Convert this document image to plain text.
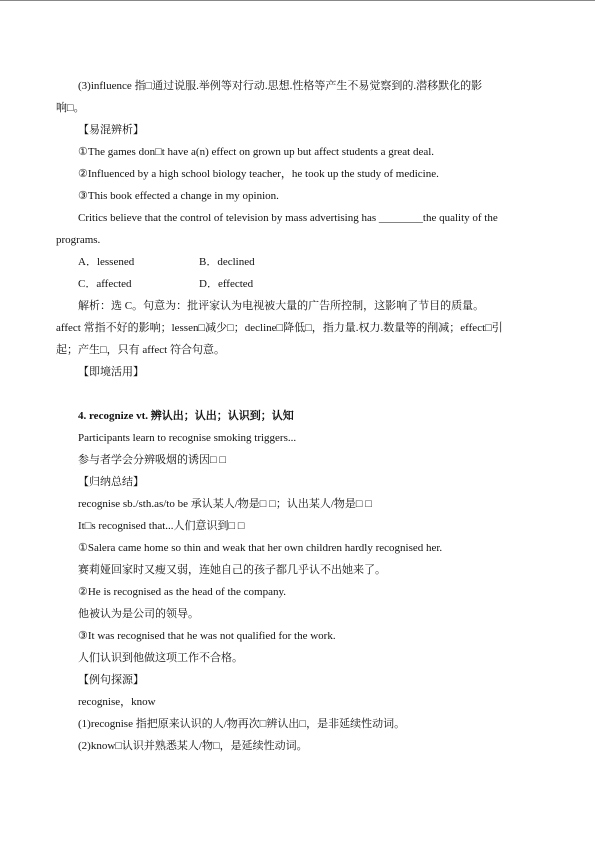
(3)influence 指□通过说服.举例等对行动.思想.性格等产生不易觉察到的.潜移默化的影
响□。
【易混辨析】
①The games don□t have a(n) effect on grown up but affect students a great deal.
②Influenced by a high school biology teacher，he took up the study of medicine.
③This book effected a change in my opinion.
Critics believe that the control of television by mass advertising has ________the quality of the
programs.
A．lessened	B．declined
C．affected	D．effected
解析：选 C。句意为：批评家认为电视被大量的广告所控制，这影响了节目的质量。
affect 常指不好的影响；lessen□减少□；decline□降低□，指力量.权力.数量等的削减；effect□引
起；产生□，只有 affect 符合句意。
【即境活用】
4. recognize vt. 辨认出；认出；认识到；认知
Participants learn to recognise smoking triggers...
参与者学会分辨吸烟的诱因□ □
【归纳总结】
recognise sb./sth.as/to be 承认某人/物是□ □；认出某人/物是□ □
It□s recognised that...人们意识到□ □
①Salera came home so thin and weak that her own children hardly recognised her.
赛莉娅回家时又瘦又弱，连她自己的孩子都几乎认不出她来了。
②He is recognised as the head of the company.
他被认为是公司的领导。
③It was recognised that he was not qualified for the work.
人们认识到他做这项工作不合格。
【例句探源】
recognise，know
(1)recognise 指把原来认识的人/物再次□辨认出□，是非延续性动词。
(2)know□认识并熟悉某人/物□，是延续性动词。
